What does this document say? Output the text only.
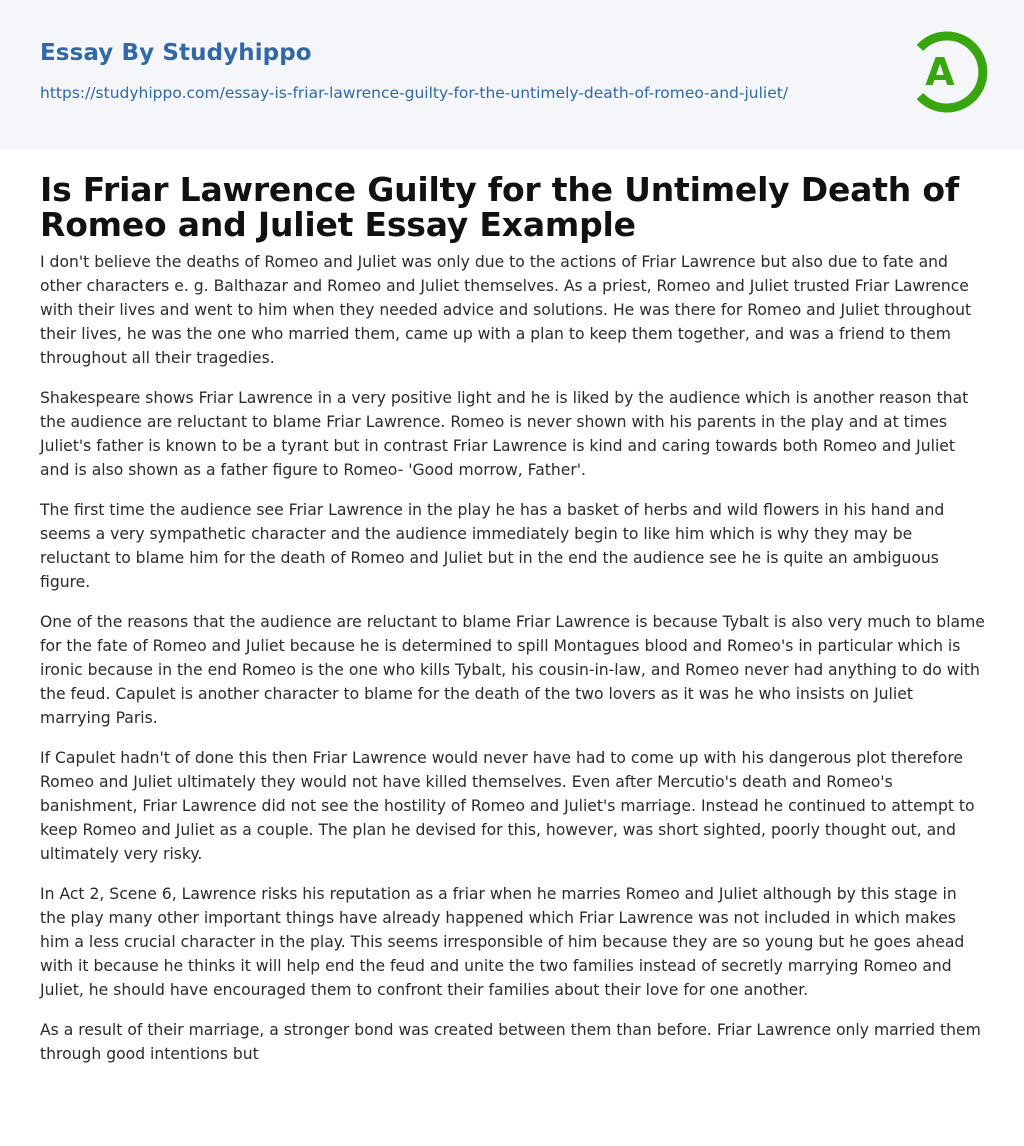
Essay By Studyhippo
https://studyhippo.com/essay-is-friar-lawrence-guilty-for-the-untimely-death-of-romeo-and-juliet/	A
Is Friar Lawrence Guilty for the Untimely Death of Romeo and Juliet Essay Example

I don't believe the deaths of Romeo and Juliet was only due to the actions of Friar Lawrence but also due to fate and other characters e. g. Balthazar and Romeo and Juliet themselves. As a priest, Romeo and Juliet trusted Friar Lawrence with their lives and went to him when they needed advice and solutions. He was there for Romeo and Juliet throughout their lives, he was the one who married them, came up with a plan to keep them together, and was a friend to them throughout all their tragedies.

Shakespeare shows Friar Lawrence in a very positive light and he is liked by the audience which is another reason that the audience are reluctant to blame Friar Lawrence. Romeo is never shown with his parents in the play and at times Juliet's father is known to be a tyrant but in contrast Friar Lawrence is kind and caring towards both Romeo and Juliet and is also shown as a father figure to Romeo- 'Good morrow, Father'.

The first time the audience see Friar Lawrence in the play he has a basket of herbs and wild flowers in his hand and seems a very sympathetic character and the audience immediately begin to like him which is why they may be reluctant to blame him for the death of Romeo and Juliet but in the end the audience see he is quite an ambiguous figure.

One of the reasons that the audience are reluctant to blame Friar Lawrence is because Tybalt is also very much to blame for the fate of Romeo and Juliet because he is determined to spill Montagues blood and Romeo's in particular which is ironic because in the end Romeo is the one who kills Tybalt, his cousin-in-law, and Romeo never had anything to do with the feud. Capulet is another character to blame for the death of the two lovers as it was he who insists on Juliet marrying Paris.

If Capulet hadn't of done this then Friar Lawrence would never have had to come up with his dangerous plot therefore Romeo and Juliet ultimately they would not have killed themselves. Even after Mercutio's death and Romeo's banishment, Friar Lawrence did not see the hostility of Romeo and Juliet's marriage. Instead he continued to attempt to keep Romeo and Juliet as a couple. The plan he devised for this, however, was short sighted, poorly thought out, and ultimately very risky.

In Act 2, Scene 6, Lawrence risks his reputation as a friar when he marries Romeo and Juliet although by this stage in the play many other important things have already happened which Friar Lawrence was not included in which makes him a less crucial character in the play. This seems irresponsible of him because they are so young but he goes ahead with it because he thinks it will help end the feud and unite the two families instead of secretly marrying Romeo and Juliet, he should have encouraged them to confront their families about their love for one another.

As a result of their marriage, a stronger bond was created between them than before. Friar Lawrence only married them through good intentions but
